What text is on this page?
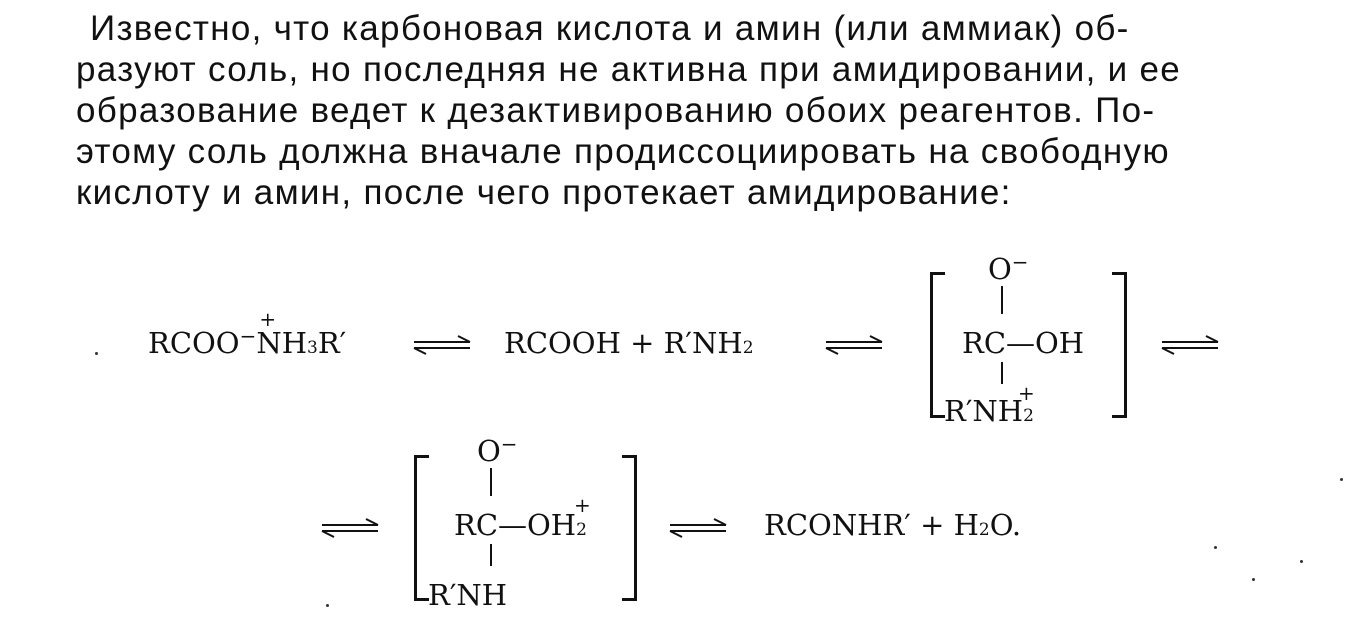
Известно, что карбоновая кислота и амин (или аммиак) об-
разуют соль, но последняя не активна при амидировании, и ее
образование ведет к дезактивированию обоих реагентов. По-
этому соль должна вначале продиссоциировать на свободную
кислоту и амин, после чего протекает амидирование:
RCOO−
+
NH3R′	RCOOH + R′NH2
O−
RC—OH
R′NH2
+
O−
RC—OH2
+
R′NH
RCONHR′ + H2O.
